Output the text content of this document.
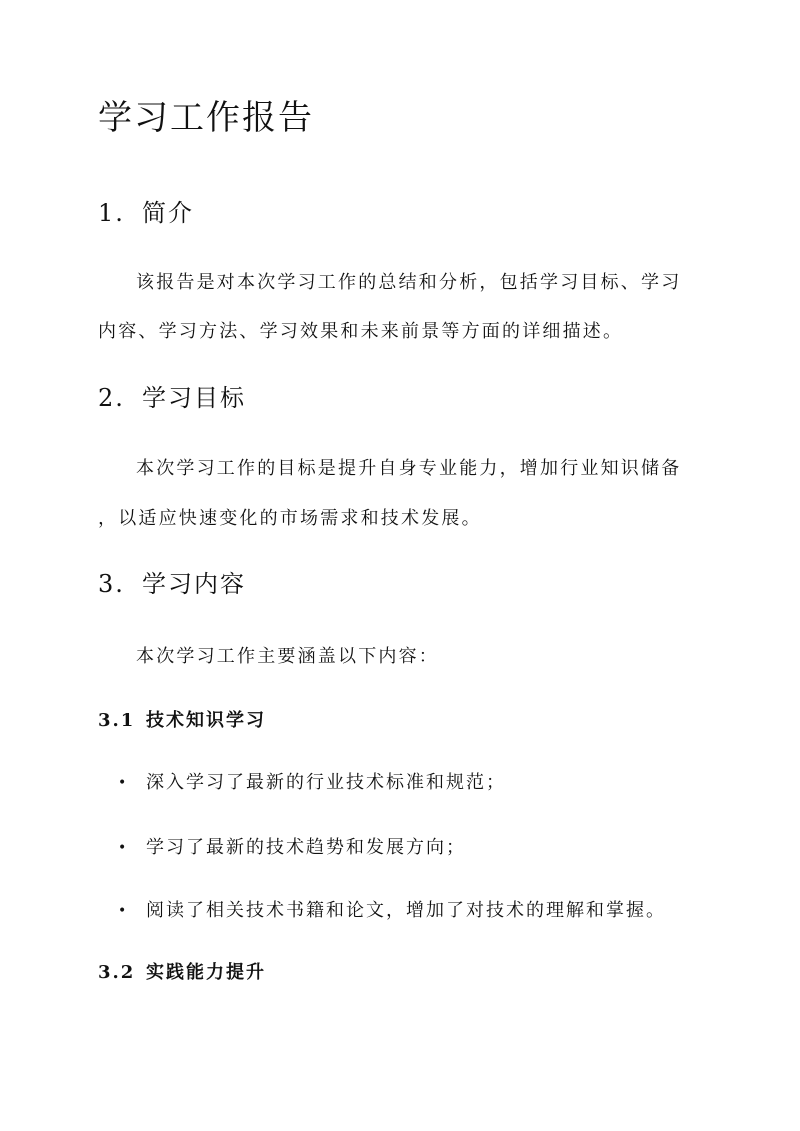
学习工作报告
1. 简介
该报告是对本次学习工作的总结和分析，包括学习目标、学习
内容、学习方法、学习效果和未来前景等方面的详细描述。
2. 学习目标
本次学习工作的目标是提升自身专业能力，增加行业知识储备
，以适应快速变化的市场需求和技术发展。
3. 学习内容
本次学习工作主要涵盖以下内容：
3.1 技术知识学习
• 深入学习了最新的行业技术标准和规范；
• 学习了最新的技术趋势和发展方向；
• 阅读了相关技术书籍和论文，增加了对技术的理解和掌握。
3.2 实践能力提升
